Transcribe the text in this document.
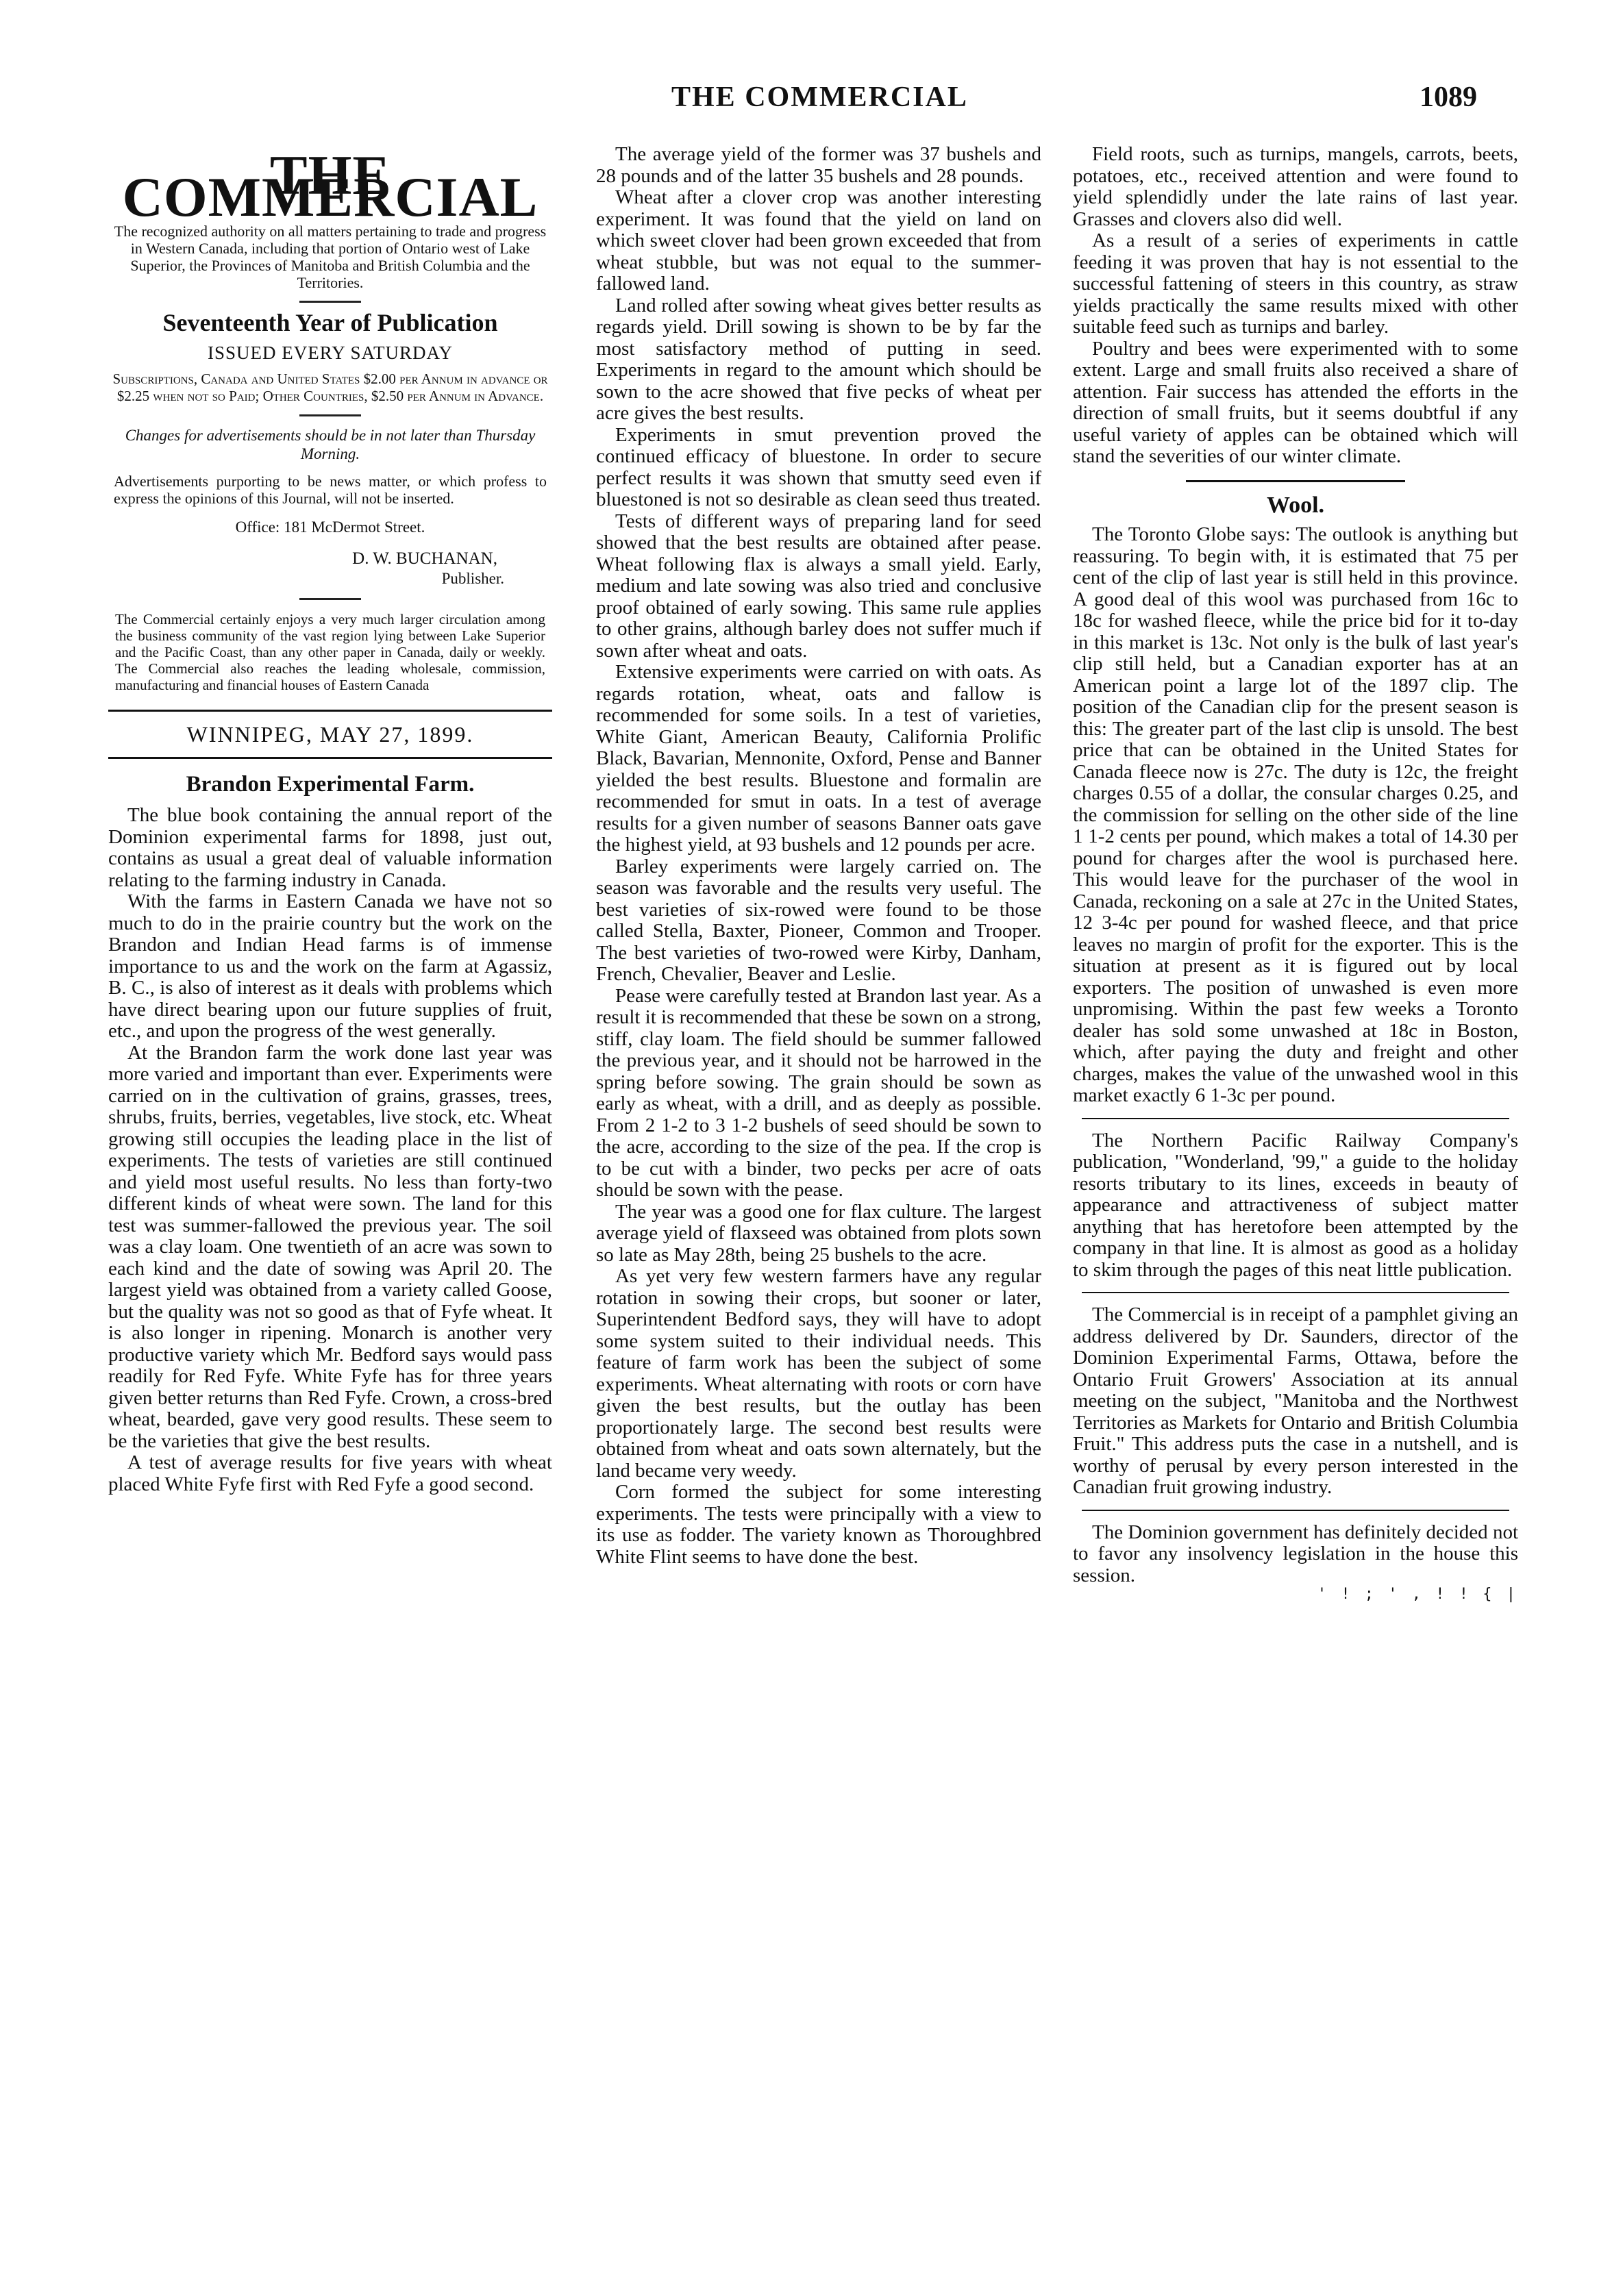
THE COMMERCIAL	1089
THE COMMERCIAL
The recognized authority on all matters pertaining to trade and progress in Western Canada, including that portion of Ontario west of Lake Superior, the Provinces of Manitoba and British Columbia and the Territories.
Seventeenth Year of Publication
ISSUED EVERY SATURDAY
Subscriptions, Canada and United States $2.00 per Annum in advance or $2.25 when not so Paid; Other Countries, $2.50 per Annum in Advance.
Changes for advertisements should be in not later than Thursday Morning.
Advertisements purporting to be news matter, or which profess to express the opinions of this Journal, will not be inserted.
Office: 181 McDermot Street.
D. W. BUCHANAN,
Publisher.
The Commercial certainly enjoys a very much larger circulation among the business community of the vast region lying between Lake Superior and the Pacific Coast, than any other paper in Canada, daily or weekly. The Commercial also reaches the leading wholesale, commission, manufacturing and financial houses of Eastern Canada
WINNIPEG, MAY 27, 1899.
Brandon Experimental Farm.

The blue book containing the annual report of the Dominion experimental farms for 1898, just out, contains as usual a great deal of valuable information relating to the farming industry in Canada.

With the farms in Eastern Canada we have not so much to do in the prairie country but the work on the Brandon and Indian Head farms is of immense importance to us and the work on the farm at Agassiz, B. C., is also of interest as it deals with problems which have direct bearing upon our future supplies of fruit, etc., and upon the progress of the west generally.

At the Brandon farm the work done last year was more varied and important than ever. Experiments were carried on in the cultivation of grains, grasses, trees, shrubs, fruits, berries, vegetables, live stock, etc. Wheat growing still occupies the leading place in the list of experiments. The tests of varieties are still continued and yield most useful results. No less than forty-two different kinds of wheat were sown. The land for this test was summer-fallowed the previous year. The soil was a clay loam. One twentieth of an acre was sown to each kind and the date of sowing was April 20. The largest yield was obtained from a variety called Goose, but the quality was not so good as that of Fyfe wheat. It is also longer in ripening. Monarch is another very productive variety which Mr. Bedford says would pass readily for Red Fyfe. White Fyfe has for three years given better returns than Red Fyfe. Crown, a cross-bred wheat, bearded, gave very good results. These seem to be the varieties that give the best results.

A test of average results for five years with wheat placed White Fyfe first with Red Fyfe a good second.

The average yield of the former was 37 bushels and 28 pounds and of the latter 35 bushels and 28 pounds.

Wheat after a clover crop was another interesting experiment. It was found that the yield on land on which sweet clover had been grown exceeded that from wheat stubble, but was not equal to the summer-fallowed land.

Land rolled after sowing wheat gives better results as regards yield. Drill sowing is shown to be by far the most satisfactory method of putting in seed. Experiments in regard to the amount which should be sown to the acre showed that five pecks of wheat per acre gives the best results.

Experiments in smut prevention proved the continued efficacy of bluestone. In order to secure perfect results it was shown that smutty seed even if bluestoned is not so desirable as clean seed thus treated.

Tests of different ways of preparing land for seed showed that the best results are obtained after pease. Wheat following flax is always a small yield. Early, medium and late sowing was also tried and conclusive proof obtained of early sowing. This same rule applies to other grains, although barley does not suffer much if sown after wheat and oats.

Extensive experiments were carried on with oats. As regards rotation, wheat, oats and fallow is recommended for some soils. In a test of varieties, White Giant, American Beauty, California Prolific Black, Bavarian, Mennonite, Oxford, Pense and Banner yielded the best results. Bluestone and formalin are recommended for smut in oats. In a test of average results for a given number of seasons Banner oats gave the highest yield, at 93 bushels and 12 pounds per acre.

Barley experiments were largely carried on. The season was favorable and the results very useful. The best varieties of six-rowed were found to be those called Stella, Baxter, Pioneer, Common and Trooper. The best varieties of two-rowed were Kirby, Danham, French, Chevalier, Beaver and Leslie.

Pease were carefully tested at Brandon last year. As a result it is recommended that these be sown on a strong, stiff, clay loam. The field should be summer fallowed the previous year, and it should not be harrowed in the spring before sowing. The grain should be sown as early as wheat, with a drill, and as deeply as possible. From 2 1-2 to 3 1-2 bushels of seed should be sown to the acre, according to the size of the pea. If the crop is to be cut with a binder, two pecks per acre of oats should be sown with the pease.

The year was a good one for flax culture. The largest average yield of flaxseed was obtained from plots sown so late as May 28th, being 25 bushels to the acre.

As yet very few western farmers have any regular rotation in sowing their crops, but sooner or later, Superintendent Bedford says, they will have to adopt some system suited to their individual needs. This feature of farm work has been the subject of some experiments. Wheat alternating with roots or corn have given the best results, but the outlay has been proportionately large. The second best results were obtained from wheat and oats sown alternately, but the land became very weedy.

Corn formed the subject for some interesting experiments. The tests were principally with a view to its use as fodder. The variety known as Thoroughbred White Flint seems to have done the best.

Field roots, such as turnips, mangels, carrots, beets, potatoes, etc., received attention and were found to yield splendidly under the late rains of last year. Grasses and clovers also did well.

As a result of a series of experiments in cattle feeding it was proven that hay is not essential to the successful fattening of steers in this country, as straw yields practically the same results mixed with other suitable feed such as turnips and barley.

Poultry and bees were experimented with to some extent. Large and small fruits also received a share of attention. Fair success has attended the efforts in the direction of small fruits, but it seems doubtful if any useful variety of apples can be obtained which will stand the severities of our winter climate.

Wool.

The Toronto Globe says: The outlook is anything but reassuring. To begin with, it is estimated that 75 per cent of the clip of last year is still held in this province. A good deal of this wool was purchased from 16c to 18c for washed fleece, while the price bid for it to-day in this market is 13c. Not only is the bulk of last year's clip still held, but a Canadian exporter has at an American point a large lot of the 1897 clip. The position of the Canadian clip for the present season is this: The greater part of the last clip is unsold. The best price that can be obtained in the United States for Canada fleece now is 27c. The duty is 12c, the freight charges 0.55 of a dollar, the consular charges 0.25, and the commission for selling on the other side of the line 1 1-2 cents per pound, which makes a total of 14.30 per pound for charges after the wool is purchased here. This would leave for the purchaser of the wool in Canada, reckoning on a sale at 27c in the United States, 12 3-4c per pound for washed fleece, and that price leaves no margin of profit for the exporter. This is the situation at present as it is figured out by local exporters. The position of unwashed is even more unpromising. Within the past few weeks a Toronto dealer has sold some unwashed at 18c in Boston, which, after paying the duty and freight and other charges, makes the value of the unwashed wool in this market exactly 6 1-3c per pound.

The Northern Pacific Railway Company's publication, "Wonderland, '99," a guide to the holiday resorts tributary to its lines, exceeds in beauty of appearance and attractiveness of subject matter anything that has heretofore been attempted by the company in that line. It is almost as good as a holiday to skim through the pages of this neat little publication.

The Commercial is in receipt of a pamphlet giving an address delivered by Dr. Saunders, director of the Dominion Experimental Farms, Ottawa, before the Ontario Fruit Growers' Association at its annual meeting on the subject, "Manitoba and the Northwest Territories as Markets for Ontario and British Columbia Fruit." This address puts the case in a nutshell, and is worthy of perusal by every person interested in the Canadian fruit growing industry.

The Dominion government has definitely decided not to favor any insolvency legislation in the house this session.

' ! ; ' , ! ! { |
